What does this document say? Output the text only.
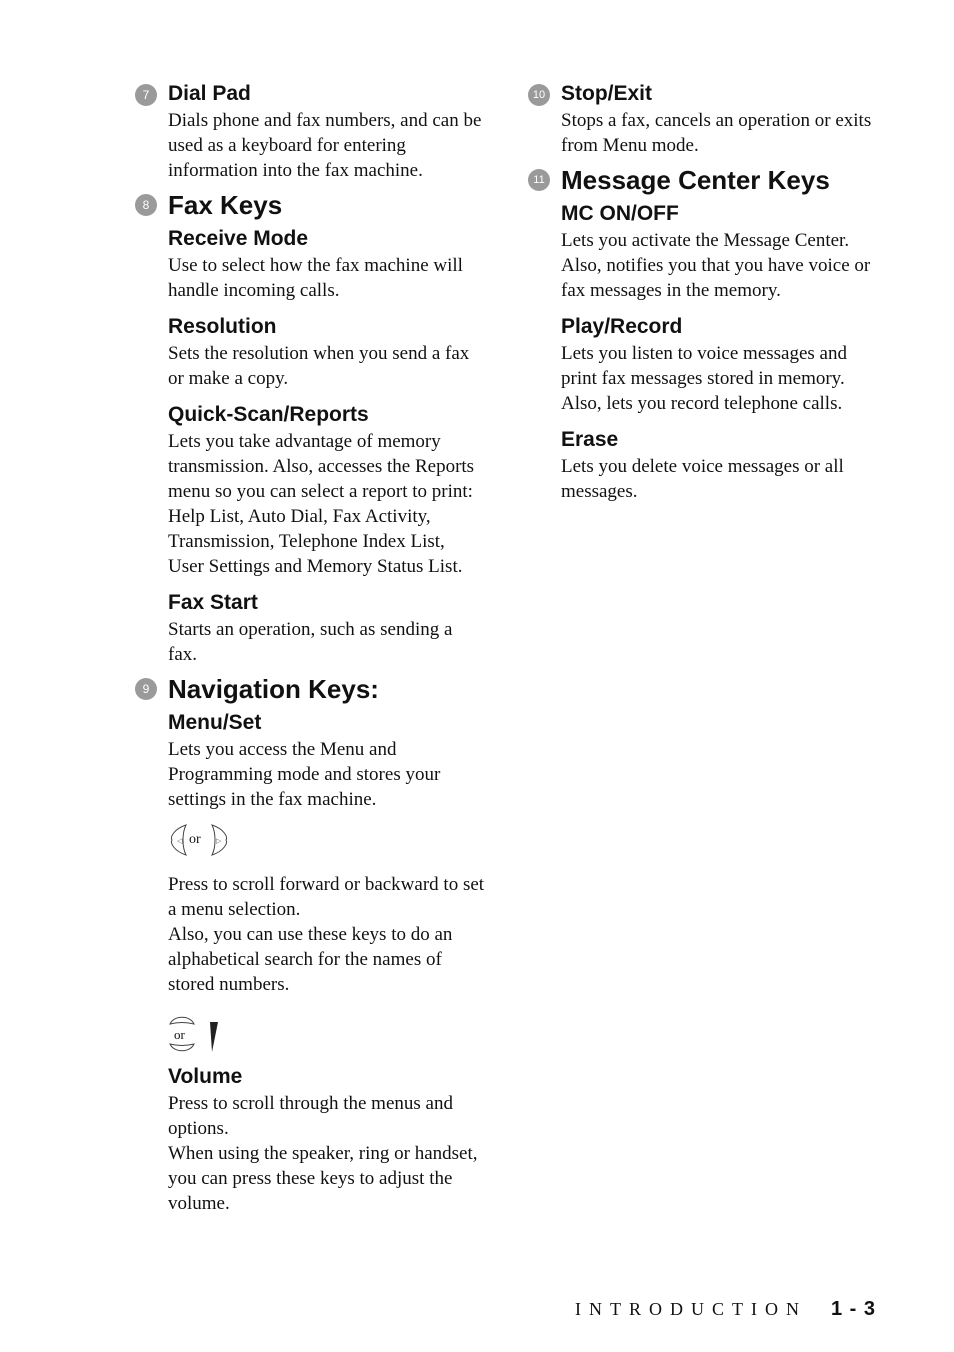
7 Dial Pad

Dials phone and fax numbers, and can be used as a keyboard for entering information into the fax machine.

8 Fax Keys
Receive Mode

Use to select how the fax machine will handle incoming calls.

Resolution

Sets the resolution when you send a fax or make a copy.

Quick-Scan/Reports

Lets you take advantage of memory transmission. Also, accesses the Reports menu so you can select a report to print: Help List, Auto Dial, Fax Activity, Transmission, Telephone Index List, User Settings and Memory Status List.

Fax Start

Starts an operation, such as sending a fax.

9 Navigation Keys:
Menu/Set

Lets you access the Menu and Programming mode and stores your settings in the fax machine.

◁	▷
or

Press to scroll forward or backward to set a menu selection.

Also, you can use these keys to do an alphabetical search for the names of stored numbers.

or
Volume

Press to scroll through the menus and options.

When using the speaker, ring or handset, you can press these keys to adjust the volume.

10 Stop/Exit

Stops a fax, cancels an operation or exits from Menu mode.

11 Message Center Keys
MC ON/OFF

Lets you activate the Message Center. Also, notifies you that you have voice or fax messages in the memory.

Play/Record

Lets you listen to voice messages and print fax messages stored in memory. Also, lets you record telephone calls.

Erase

Lets you delete voice messages or all messages.

INTRODUCTION 1 - 3
